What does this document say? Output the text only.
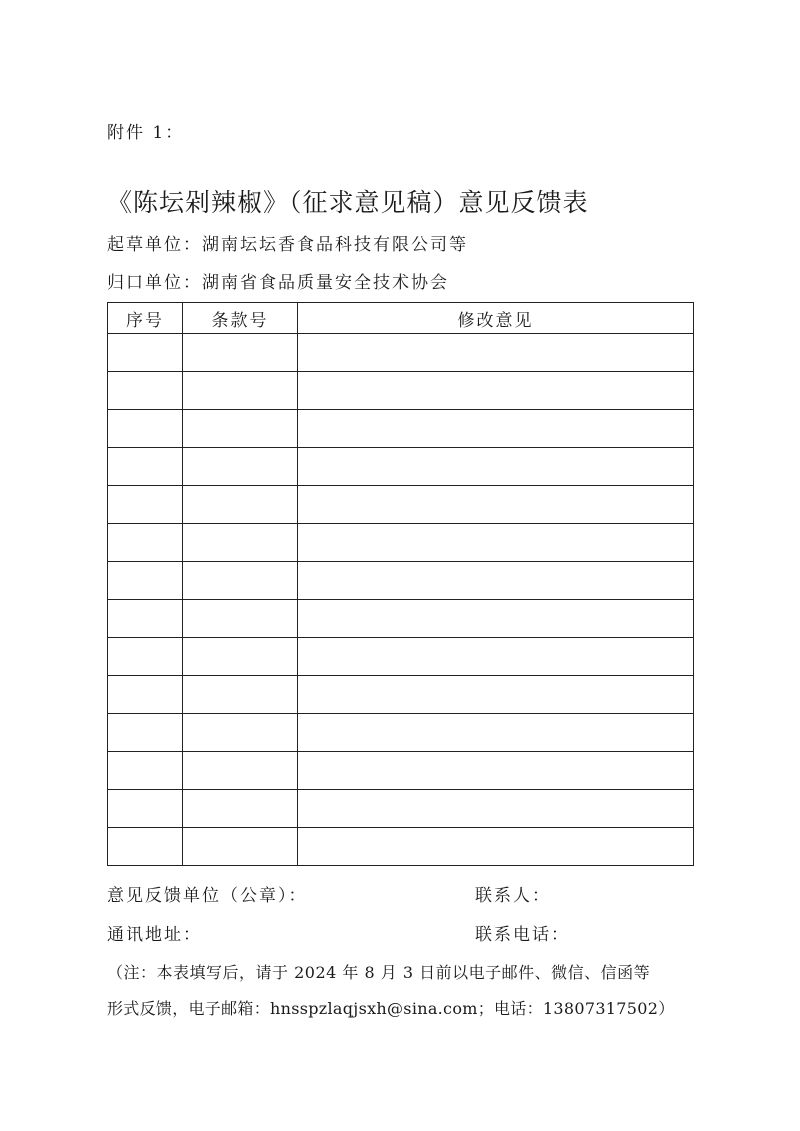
附件 1：
《陈坛剁辣椒》（征求意见稿）意见反馈表
起草单位：湖南坛坛香食品科技有限公司等
归口单位：湖南省食品质量安全技术协会
序号	条款号	修改意见

意见反馈单位（公章）：	联系人：
通讯地址：	联系电话：
（注：本表填写后，请于 2024 年 8 月 3 日前以电子邮件、微信、信函等
形式反馈，电子邮箱：hnsspzlaqjsxh@sina.com；电话：13807317502）
